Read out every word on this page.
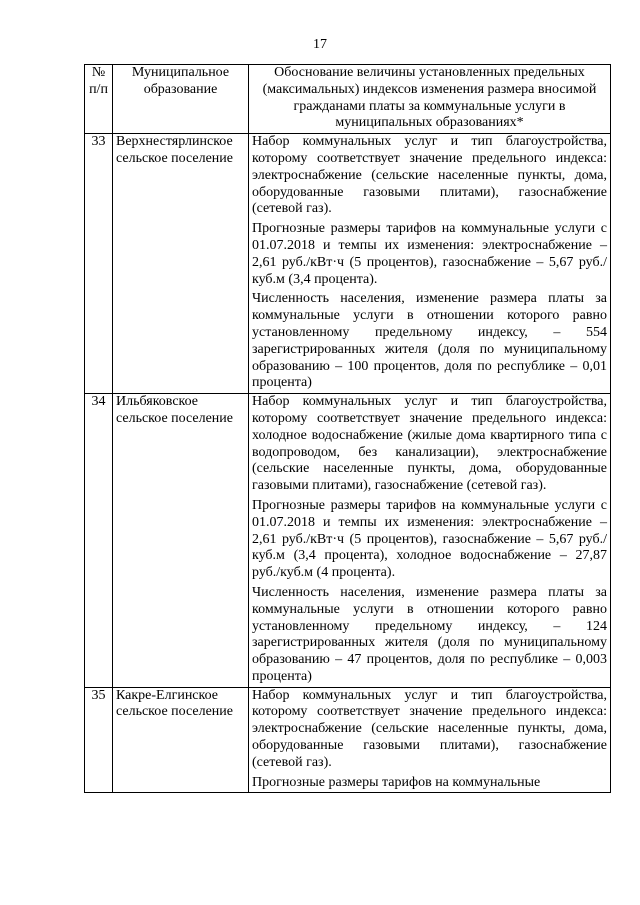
17
№ п/п	Муниципальное образование	Обоснование величины установленных предельных (максимальных) индексов изменения размера вносимой гражданами платы за коммунальные услуги в муниципальных образованиях*
33	Верхнестярлинское сельское поселение	Набор коммунальных услуг и тип благоустройства, которому соответствует значение предельного индекса: электроснабжение (сельские населенные пункты, дома, оборудованные газовыми плитами), газоснабжение (сетевой газ).

Прогнозные размеры тарифов на коммунальные услуги с 01.07.2018 и темпы их изменения: электроснабжение – 2,61 руб./кВт·ч (5 процентов), газоснабжение – 5,67 руб./куб.м (3,4 процента).

Численность населения, изменение размера платы за коммунальные услуги в отношении которого равно установленному предельному индексу, – 554 зарегистрированных жителя (доля по муниципальному образованию – 100 процентов, доля по республике – 0,01 процента)

34	Ильбяковское сельское поселение	Набор коммунальных услуг и тип благоустройства, которому соответствует значение предельного индекса: холодное водоснабжение (жилые дома квартирного типа с водопроводом, без канализации), электроснабжение (сельские населенные пункты, дома, оборудованные газовыми плитами), газоснабжение (сетевой газ).

Прогнозные размеры тарифов на коммунальные услуги с 01.07.2018 и темпы их изменения: электроснабжение – 2,61 руб./кВт·ч (5 процентов), газоснабжение – 5,67 руб./куб.м (3,4 процента), холодное водоснабжение – 27,87 руб./куб.м (4 процента).

Численность населения, изменение размера платы за коммунальные услуги в отношении которого равно установленному предельному индексу, – 124 зарегистрированных жителя (доля по муниципальному образованию – 47 процентов, доля по республике – 0,003 процента)

35	Какре-Елгинское сельское поселение	Набор коммунальных услуг и тип благоустройства, которому соответствует значение предельного индекса: электроснабжение (сельские населенные пункты, дома, оборудованные газовыми плитами), газоснабжение (сетевой газ).

Прогнозные размеры тарифов на коммунальные
